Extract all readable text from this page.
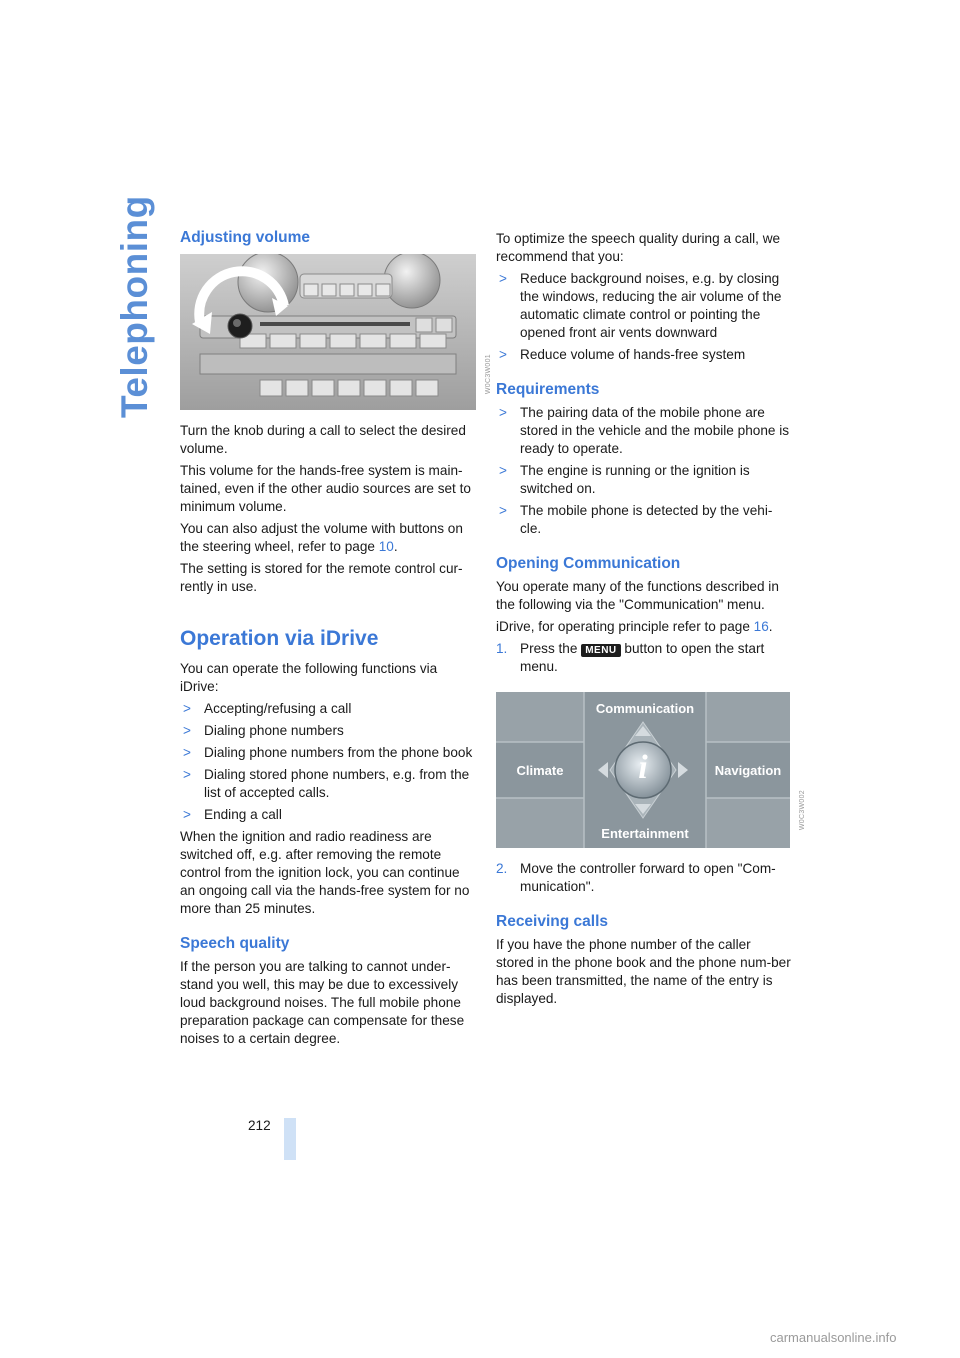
Telephoning Adjusting volume
W0C3W001

Turn the knob during a call to select the desired volume.

This volume for the hands-free system is main-tained, even if the other audio sources are set to minimum volume.

You can also adjust the volume with buttons on the steering wheel, refer to page 10.

The setting is stored for the remote control cur-rently in use.

Operation via iDrive

You can operate the following functions via iDrive:

> Accepting/refusing a call
> Dialing phone numbers
> Dialing phone numbers from the phone book
> Dialing stored phone numbers, e.g. from the list of accepted calls.
> Ending a call

When the ignition and radio readiness are switched off, e.g. after removing the remote control from the ignition lock, you can continue an ongoing call via the hands-free system for no more than 25 minutes.

Speech quality

If the person you are talking to cannot under-stand you well, this may be due to excessively loud background noises. The full mobile phone preparation package can compensate for these noises to a certain degree.

To optimize the speech quality during a call, we recommend that you:

> Reduce background noises, e.g. by closing the windows, reducing the air volume of the automatic climate control or pointing the opened front air vents downward
> Reduce volume of hands-free system
Requirements
> The pairing data of the mobile phone are stored in the vehicle and the mobile phone is ready to operate.
> The engine is running or the ignition is switched on.
> The mobile phone is detected by the vehi-cle.
Opening Communication

You operate many of the functions described in the following via the "Communication" menu.

iDrive, for operating principle refer to page 16.

1. Press the MENU button to open the start menu.
Communication
Climate	Navigation
Entertainment
i
W0C3W002
2. Move the controller forward to open "Com-munication".
Receiving calls

If you have the phone number of the caller stored in the phone book and the phone num-ber has been transmitted, the name of the entry is displayed.

212
carmanualsonline.info
